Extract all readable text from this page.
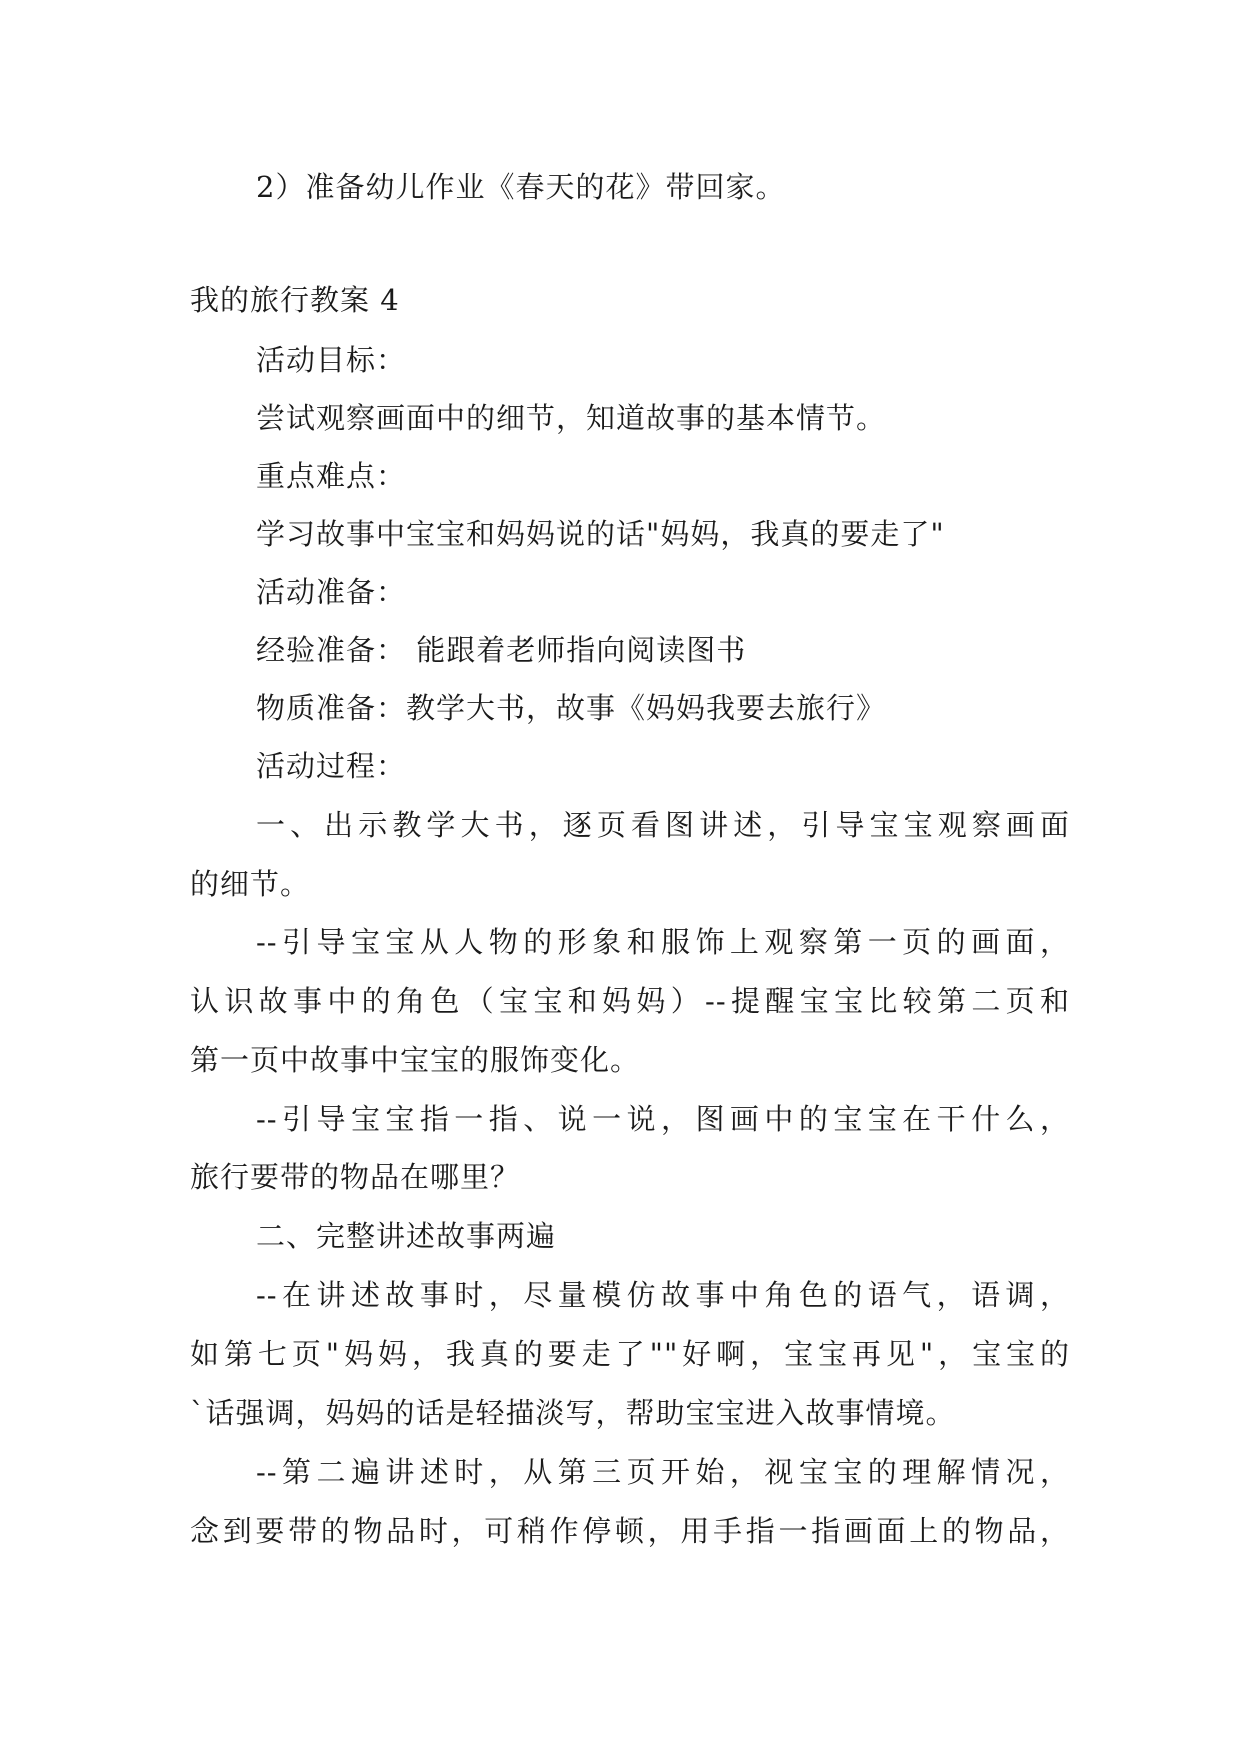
2）准备幼儿作业《春天的花》带回家。
我的旅行教案 4
活动目标：
尝试观察画面中的细节，知道故事的基本情节。
重点难点：
学习故事中宝宝和妈妈说的话"妈妈，我真的要走了"
活动准备：
经验准备： 能跟着老师指向阅读图书
物质准备：教学大书，故事《妈妈我要去旅行》
活动过程：
一、出示教学大书，逐页看图讲述，引导宝宝观察画面
的细节。
--引导宝宝从人物的形象和服饰上观察第一页的画面，
认识故事中的角色（宝宝和妈妈）--提醒宝宝比较第二页和
第一页中故事中宝宝的服饰变化。
--引导宝宝指一指、说一说，图画中的宝宝在干什么，
旅行要带的物品在哪里？
二、完整讲述故事两遍
--在讲述故事时，尽量模仿故事中角色的语气，语调，
如第七页"妈妈，我真的要走了""好啊，宝宝再见"，宝宝的
`话强调，妈妈的话是轻描淡写，帮助宝宝进入故事情境。
--第二遍讲述时，从第三页开始，视宝宝的理解情况，
念到要带的物品时，可稍作停顿，用手指一指画面上的物品，
